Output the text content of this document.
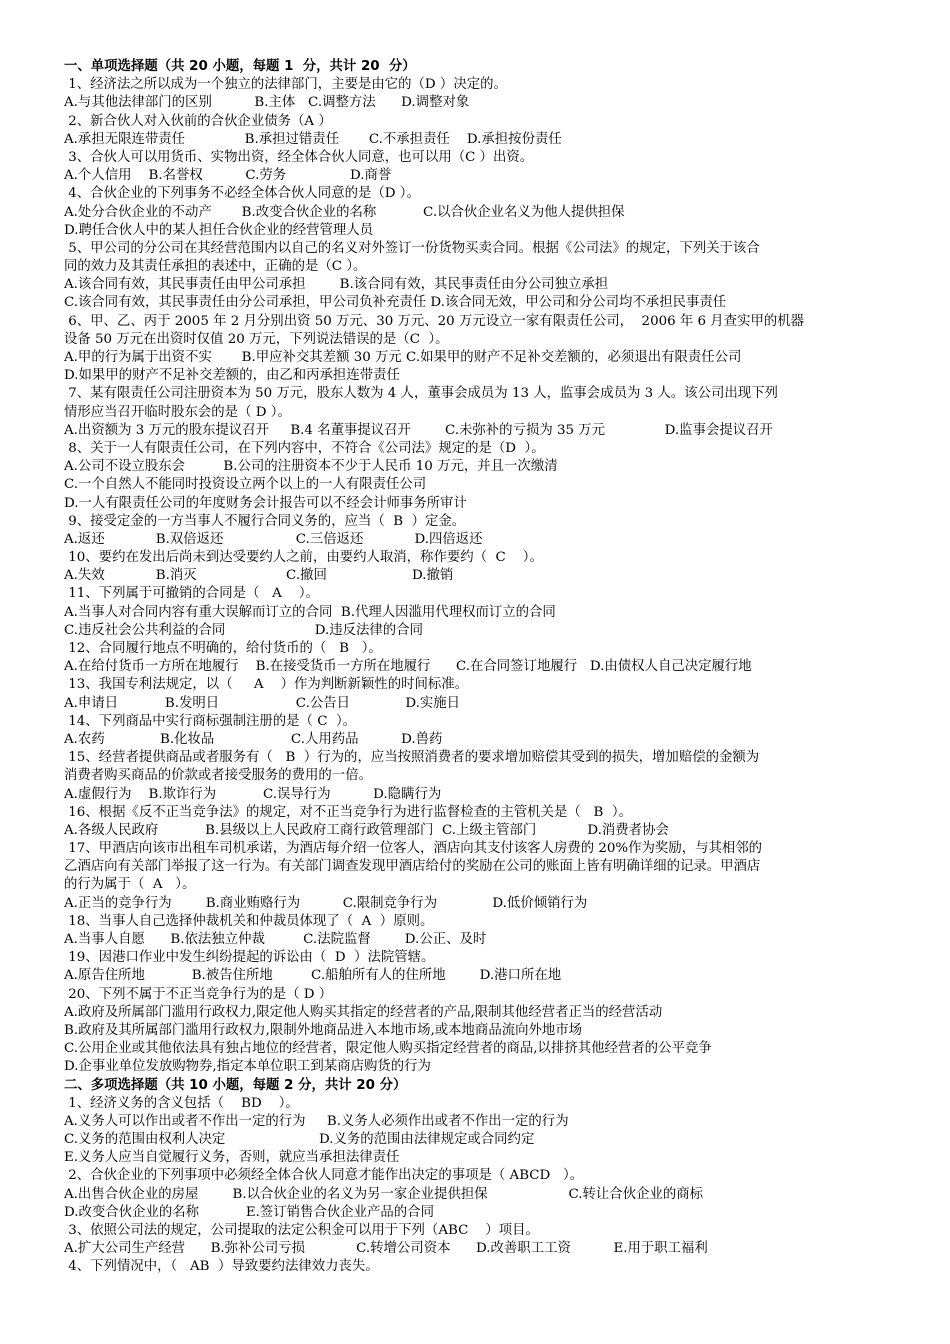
一、单项选择题（共 20 小题，每题 1  分，共计 20  分）
1、经济法之所以成为一个独立的法律部门，主要是由它的（D ）决定的。
A.与其他法律部门的区别          B.主体   C.调整方法      D.调整对象
2、新合伙人对入伙前的合伙企业债务（A ）
A.承担无限连带责任              B.承担过错责任       C.不承担责任    D.承担按份责任
3、合伙人可以用货币、实物出资，经全体合伙人同意，也可以用（C ）出资。
A.个人信用    B.名誉权          C.劳务               D.商誉
4、合伙企业的下列事务不必经全体合伙人同意的是（D ）。
A.处分合伙企业的不动产       B.改变合伙企业的名称           C.以合伙企业名义为他人提供担保
D.聘任合伙人中的某人担任合伙企业的经营管理人员
5、甲公司的分公司在其经营范围内以自己的名义对外签订一份货物买卖合同。根据《公司法》的规定，下列关于该合
同的效力及其责任承担的表述中，正确的是（C ）。
A.该合同有效，其民事责任由甲公司承担        B.该合同有效，其民事责任由分公司独立承担
C.该合同有效，其民事责任由分公司承担，甲公司负补充责任 D.该合同无效，甲公司和分公司均不承担民事责任
6、甲、乙、丙于 2005 年 2 月分别出资 50 万元、30 万元、20 万元设立一家有限责任公司，  2006 年 6 月查实甲的机器
设备 50 万元在出资时仅值 20 万元，下列说法错误的是（C  ）。
A.甲的行为属于出资不实       B.甲应补交其差额 30 万元 C.如果甲的财产不足补交差额的，必须退出有限责任公司
D.如果甲的财产不足补交差额的，由乙和丙承担连带责任
7、某有限责任公司注册资本为 50 万元，股东人数为 4 人，董事会成员为 13 人，监事会成员为 3 人。该公司出现下列
情形应当召开临时股东会的是（ D ）。
A.出资额为 3 万元的股东提议召开     B.4 名董事提议召开        C.未弥补的亏损为 35 万元              D.监事会提议召开
8、关于一人有限责任公司，在下列内容中，不符合《公司法》规定的是（D  ）。
A.公司不设立股东会         B.公司的注册资本不少于人民币 10 万元，并且一次缴清
C.一个自然人不能同时投资设立两个以上的一人有限责任公司
D.一人有限责任公司的年度财务会计报告可以不经会计师事务所审计
9、接受定金的一方当事人不履行合同义务的，应当（  B  ）定金。
A.返还            B.双倍返还                 C.三倍返还            D.四倍返还
10、要约在发出后尚未到达受要约人之前，由要约人取消，称作要约（  C    ）。
A.失效            B.消灭                     C.撤回                    D.撤销
11、下列属于可撤销的合同是（   A    ）。
A.当事人对合同内容有重大误解而订立的合同  B.代理人因滥用代理权而订立的合同
C.违反社会公共利益的合同                     D.违反法律的合同
12、合同履行地点不明确的，给付货币的（   B   ）。
A.在给付货币一方所在地履行    B.在接受货币一方所在地履行      C.在合同签订地履行   D.由债权人自己决定履行地
13、我国专利法规定，以（     A    ）作为判断新颖性的时间标准。
A.申请日           B.发明日                  C.公告日             D.实施日
14、下列商品中实行商标强制注册的是（ C  ）。
A.农药             B.化妆品                  C.人用药品          D.兽药
15、经营者提供商品或者服务有（   B  ）行为的，应当按照消费者的要求增加赔偿其受到的损失，增加赔偿的金额为
消费者购买商品的价款或者接受服务的费用的一倍。
A.虚假行为    B.欺诈行为           C.误导行为          D.隐瞒行为
16、根据《反不正当竞争法》的规定，对不正当竞争行为进行监督检查的主管机关是（   B  ）。
A.各级人民政府           B.县级以上人民政府工商行政管理部门  C.上级主管部门            D.消费者协会
17、甲酒店向该市出租车司机承诺，为酒店每介绍一位客人，酒店向其支付该客人房费的 20%作为奖励，与其相邻的
乙酒店向有关部门举报了这一行为。有关部门调查发现甲酒店给付的奖励在公司的账面上皆有明确详细的记录。甲酒店
的行为属于（  A   ）。
A.正当的竞争行为        B.商业贿赂行为          C.限制竞争行为             D.低价倾销行为
18、当事人自己选择仲裁机关和仲裁员体现了（  A  ）原则。
A.当事人自愿      B.依法独立仲裁         C.法院监督        D.公正、及时
19、因港口作业中发生纠纷提起的诉讼由（  D  ）法院管辖。
A.原告住所地           B.被告住所地         C.船舶所有人的住所地        D.港口所在地
20、下列不属于不正当竞争行为的是（ D ）
A.政府及所属部门滥用行政权力,限定他人购买其指定的经营者的产品,限制其他经营者正当的经营活动
B.政府及其所属部门滥用行政权力,限制外地商品进入本地市场,或本地商品流向外地市场
C.公用企业或其他依法具有独占地位的经营者，限定他人购买指定经营者的商品,以排挤其他经营者的公平竞争
D.企事业单位发放购物券,指定本单位职工到某商店购货的行为
二、多项选择题（共 10 小题，每题 2 分，共计 20 分）
1、经济义务的含义包括（    BD    ）。
A.义务人可以作出或者不作出一定的行为     B.义务人必须作出或者不作出一定的行为
C.义务的范围由权利人决定                      D.义务的范围由法律规定或合同约定
E.义务人应当自觉履行义务，否则，就应当承担法律责任
2、合伙企业的下列事项中必须经全体合伙人同意才能作出决定的事项是（ ABCD   ）。
A.出售合伙企业的房屋        B.以合伙企业的名义为另一家企业提供担保                   C.转让合伙企业的商标
D.改变合伙企业的名称           E.签订销售合伙企业产品的合同
3、依照公司法的规定，公司提取的法定公积金可以用于下列（ABC    ）项目。
A.扩大公司生产经营      B.弥补公司亏损            C.转增公司资本      D.改善职工工资          E.用于职工福利
4、下列情况中，（   AB  ）导致要约法律效力丧失。
